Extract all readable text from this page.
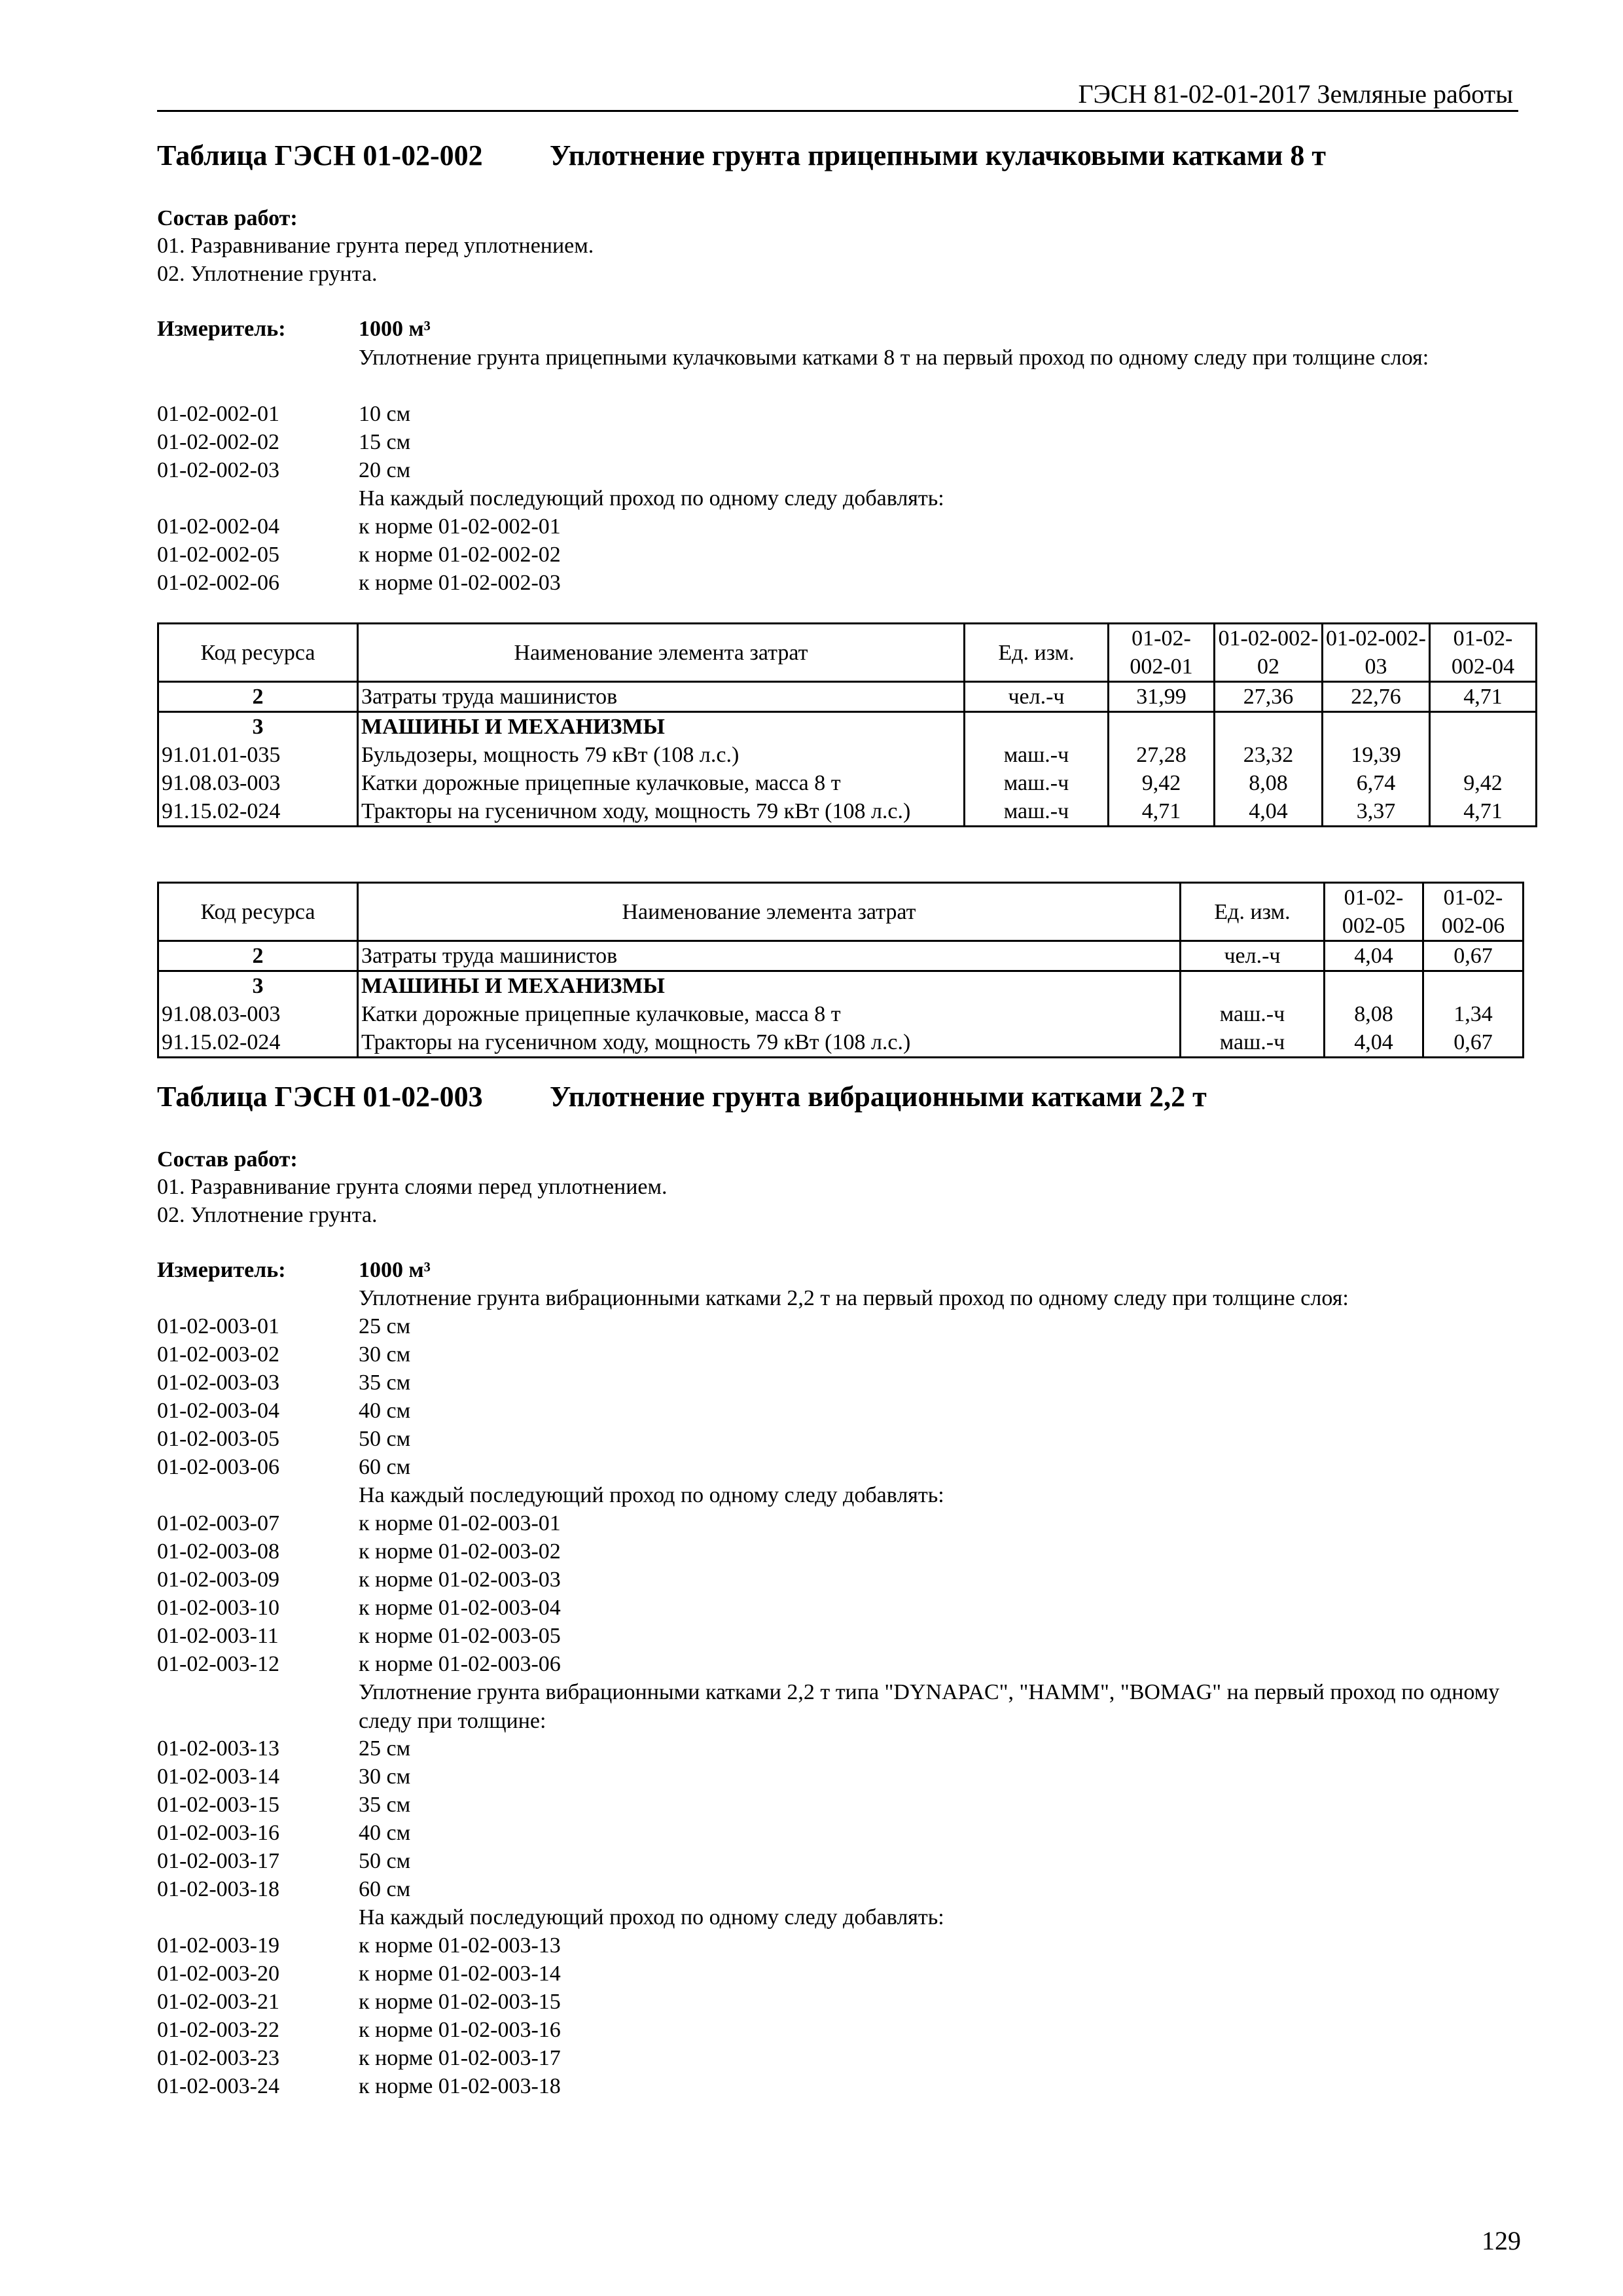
ГЭСН 81-02-01-2017 Земляные работы
Таблица ГЭСН 01-02-002 Уплотнение грунта прицепными кулачковыми катками 8 т
Состав работ:
01. Разравнивание грунта перед уплотнением.
02. Уплотнение грунта.
Измеритель:	1000 м³
Уплотнение грунта прицепными кулачковыми катками 8 т на первый проход по одному следу при толщине слоя:
01-02-002-01	10 см
01-02-002-02	15 см
01-02-002-03	20 см
На каждый последующий проход по одному следу добавлять:
01-02-002-04	к норме 01-02-002-01
01-02-002-05	к норме 01-02-002-02
01-02-002-06	к норме 01-02-002-03
Код ресурса	Наименование элемента затрат	Ед. изм.	01-02-002-01	01-02-002-02	01-02-002-03	01-02-002-04
2	Затраты труда машинистов	чел.-ч	31,99	27,36	22,76	4,71
3	МАШИНЫ И МЕХАНИЗМЫ					
91.01.01-035	Бульдозеры, мощность 79 кВт (108 л.с.)	маш.-ч	27,28	23,32	19,39	
91.08.03-003	Катки дорожные прицепные кулачковые, масса 8 т	маш.-ч	9,42	8,08	6,74	9,42
91.15.02-024	Тракторы на гусеничном ходу, мощность 79 кВт (108 л.с.)	маш.-ч	4,71	4,04	3,37	4,71
Код ресурса	Наименование элемента затрат	Ед. изм.	01-02-002-05	01-02-002-06
2	Затраты труда машинистов	чел.-ч	4,04	0,67
3	МАШИНЫ И МЕХАНИЗМЫ			
91.08.03-003	Катки дорожные прицепные кулачковые, масса 8 т	маш.-ч	8,08	1,34
91.15.02-024	Тракторы на гусеничном ходу, мощность 79 кВт (108 л.с.)	маш.-ч	4,04	0,67
Таблица ГЭСН 01-02-003 Уплотнение грунта вибрационными катками 2,2 т
Состав работ:
01. Разравнивание грунта слоями перед уплотнением.
02. Уплотнение грунта.
Измеритель:	1000 м³
Уплотнение грунта вибрационными катками 2,2 т на первый проход по одному следу при толщине слоя:
01-02-003-01	25 см
01-02-003-02	30 см
01-02-003-03	35 см
01-02-003-04	40 см
01-02-003-05	50 см
01-02-003-06	60 см
На каждый последующий проход по одному следу добавлять:
01-02-003-07	к норме 01-02-003-01
01-02-003-08	к норме 01-02-003-02
01-02-003-09	к норме 01-02-003-03
01-02-003-10	к норме 01-02-003-04
01-02-003-11	к норме 01-02-003-05
01-02-003-12	к норме 01-02-003-06
Уплотнение грунта вибрационными катками 2,2 т типа "DYNAPAC", "HAMM", "BOMAG" на первый проход по одному следу при толщине:
01-02-003-13	25 см
01-02-003-14	30 см
01-02-003-15	35 см
01-02-003-16	40 см
01-02-003-17	50 см
01-02-003-18	60 см
На каждый последующий проход по одному следу добавлять:
01-02-003-19	к норме 01-02-003-13
01-02-003-20	к норме 01-02-003-14
01-02-003-21	к норме 01-02-003-15
01-02-003-22	к норме 01-02-003-16
01-02-003-23	к норме 01-02-003-17
01-02-003-24	к норме 01-02-003-18
129
